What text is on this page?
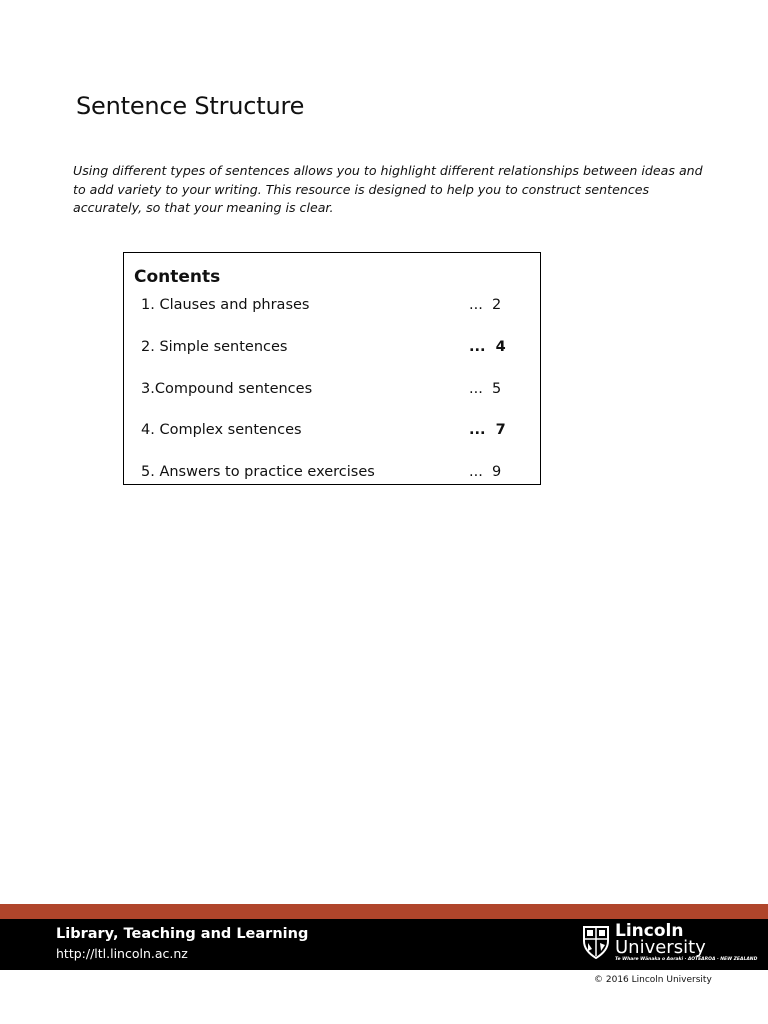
Sentence Structure

Using different types of sentences allows you to highlight different relationships between ideas and to add variety to your writing. This resource is designed to help you to construct sentences accurately, so that your meaning is clear.

Contents
1. Clauses and phrases	...  2
2. Simple sentences	...  4
3.Compound sentences	...  5
4. Complex sentences	...  7
5. Answers to practice exercises	...  9
Library, Teaching and Learning
http://ltl.lincoln.ac.nz
Lincoln
University
Te Whare Wānaka o Aoraki · AOTEAROA · NEW ZEALAND
© 2016 Lincoln University
